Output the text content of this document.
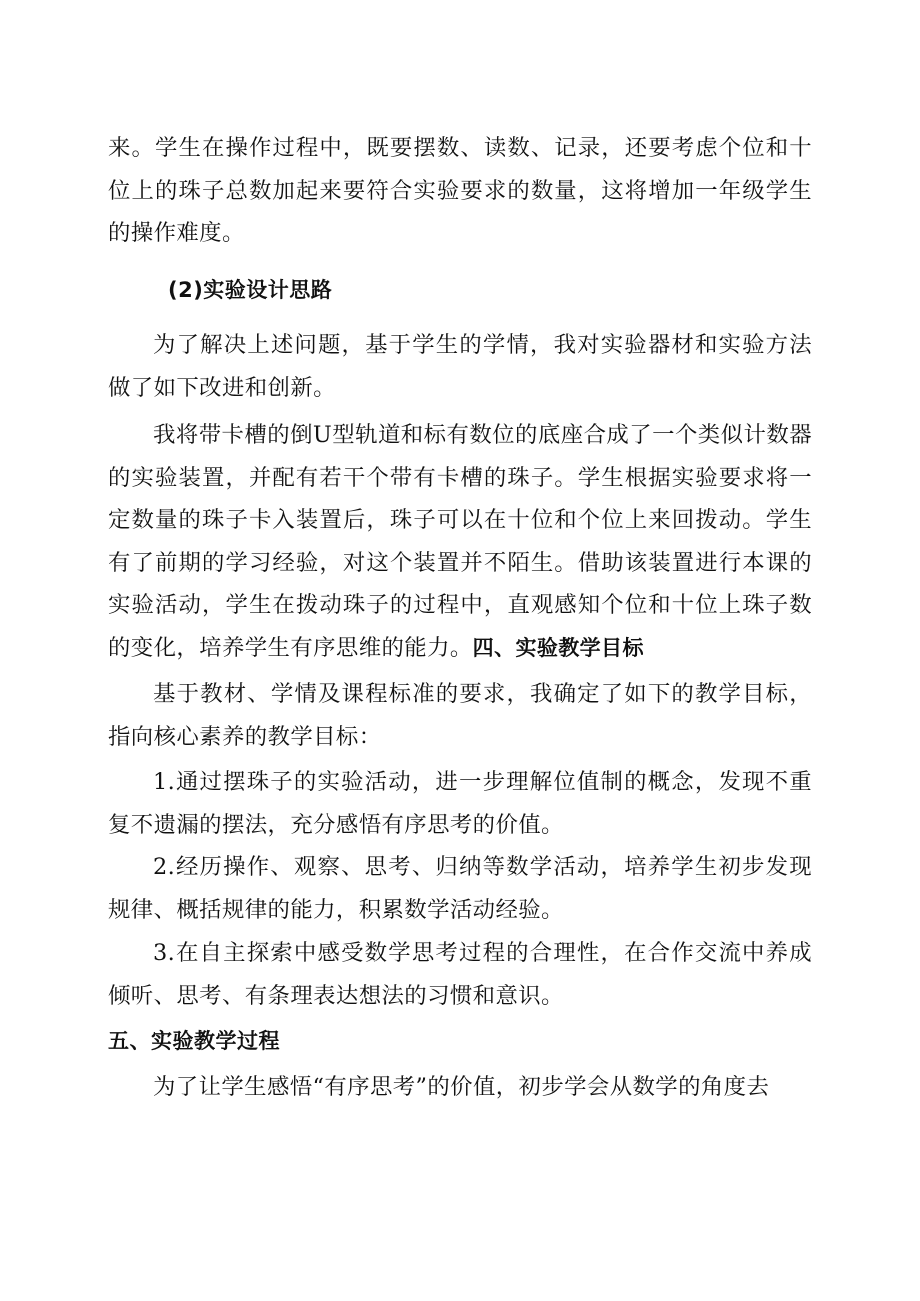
来。学生在操作过程中，既要摆数、读数、记录，还要考虑个位和十位上的珠子总数加起来要符合实验要求的数量，这将增加一年级学生的操作难度。

(2)实验设计思路

为了解决上述问题，基于学生的学情，我对实验器材和实验方法做了如下改进和创新。

我将带卡槽的倒U型轨道和标有数位的底座合成了一个类似计数器的实验装置，并配有若干个带有卡槽的珠子。学生根据实验要求将一定数量的珠子卡入装置后，珠子可以在十位和个位上来回拨动。学生有了前期的学习经验，对这个装置并不陌生。借助该装置进行本课的实验活动，学生在拨动珠子的过程中，直观感知个位和十位上珠子数的变化，培养学生有序思维的能力。四、实验教学目标

基于教材、学情及课程标准的要求，我确定了如下的教学目标，指向核心素养的教学目标：

1.通过摆珠子的实验活动，进一步理解位值制的概念，发现不重复不遗漏的摆法，充分感悟有序思考的价值。

2.经历操作、观察、思考、归纳等数学活动，培养学生初步发现规律、概括规律的能力，积累数学活动经验。

3.在自主探索中感受数学思考过程的合理性，在合作交流中养成倾听、思考、有条理表达想法的习惯和意识。

五、实验教学过程

为了让学生感悟“有序思考”的价值，初步学会从数学的角度去
